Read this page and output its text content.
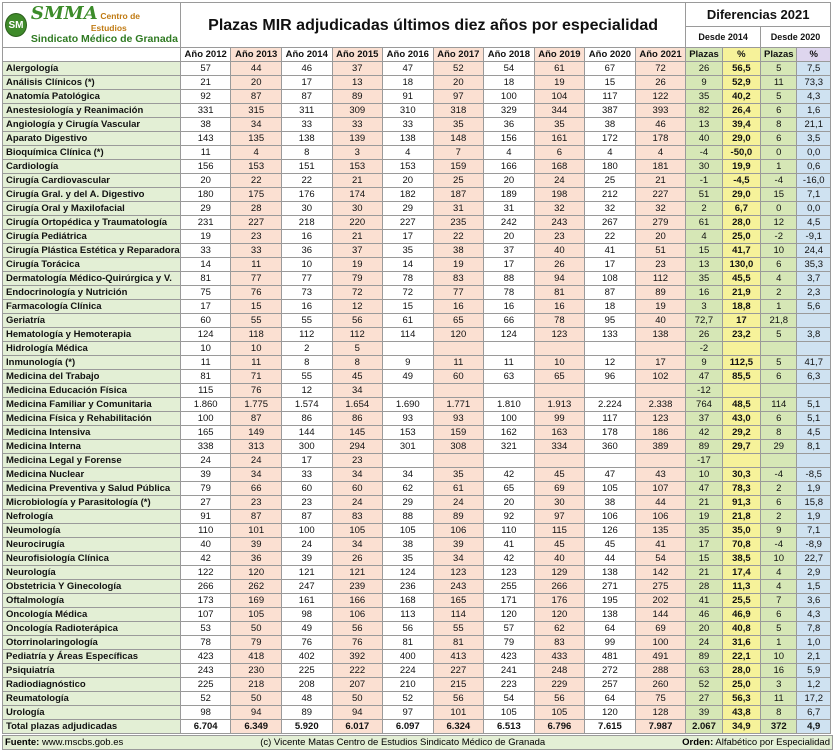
SM
SMMA Centro de
Estudios
Sindicato Médico de Granada	Plazas MIR adjudicadas últimos diez años por especialidad										Diferencias 2021			
											Desde 2014		Desde 2020	
	Año 2012	Año 2013	Año 2014	Año 2015	Año 2016	Año 2017	Año 2018	Año 2019	Año 2020	Año 2021	Plazas	%	Plazas	%
Alergología	57	44	46	37	47	52	54	61	67	72	26	56,5	5	7,5
Análisis Clínicos (*)	21	20	17	13	18	20	18	19	15	26	9	52,9	11	73,3
Anatomía Patológica	92	87	87	89	91	97	100	104	117	122	35	40,2	5	4,3
Anestesiología y Reanimación	331	315	311	309	310	318	329	344	387	393	82	26,4	6	1,6
Angiología y Cirugía Vascular	38	34	33	33	33	35	36	35	38	46	13	39,4	8	21,1
Aparato Digestivo	143	135	138	139	138	148	156	161	172	178	40	29,0	6	3,5
Bioquímica Clínica (*)	11	4	8	3	4	7	4	6	4	4	-4	-50,0	0	0,0
Cardiología	156	153	151	153	153	159	166	168	180	181	30	19,9	1	0,6
Cirugía Cardiovascular	20	22	22	21	20	25	20	24	25	21	-1	-4,5	-4	-16,0
Cirugía Gral. y del A. Digestivo	180	175	176	174	182	187	189	198	212	227	51	29,0	15	7,1
Cirugía Oral y Maxilofacial	29	28	30	30	29	31	31	32	32	32	2	6,7	0	0,0
Cirugía Ortopédica y Traumatología	231	227	218	220	227	235	242	243	267	279	61	28,0	12	4,5
Cirugía Pediátrica	19	23	16	21	17	22	20	23	22	20	4	25,0	-2	-9,1
Cirugía Plástica Estética y Reparadora	33	33	36	37	35	38	37	40	41	51	15	41,7	10	24,4
Cirugía Torácica	14	11	10	19	14	19	17	26	17	23	13	130,0	6	35,3
Dermatología Médico-Quirúrgica y V.	81	77	77	79	78	83	88	94	108	112	35	45,5	4	3,7
Endocrinología y Nutrición	75	76	73	72	72	77	78	81	87	89	16	21,9	2	2,3
Farmacología Clínica	17	15	16	12	15	16	16	16	18	19	3	18,8	1	5,6
Geriatría	60	55	55	56	61	65	66	78	95	40	72,7	17	21,8	
Hematología y Hemoterapia	124	118	112	112	114	120	124	123	133	138	26	23,2	5	3,8
Hidrología Médica	10	10	2	5							-2			
Inmunología (*)	11	11	8	8	9	11	11	10	12	17	9	112,5	5	41,7
Medicina del Trabajo	81	71	55	45	49	60	63	65	96	102	47	85,5	6	6,3
Medicina Educación Física	115	76	12	34							-12			
Medicina Familiar y Comunitaria	1.860	1.775	1.574	1.654	1.690	1.771	1.810	1.913	2.224	2.338	764	48,5	114	5,1
Medicina Física y Rehabilitación	100	87	86	86	93	93	100	99	117	123	37	43,0	6	5,1
Medicina Intensiva	165	149	144	145	153	159	162	163	178	186	42	29,2	8	4,5
Medicina Interna	338	313	300	294	301	308	321	334	360	389	89	29,7	29	8,1
Medicina Legal y Forense	24	24	17	23							-17			
Medicina Nuclear	39	34	33	34	34	35	42	45	47	43	10	30,3	-4	-8,5
Medicina Preventiva y Salud Pública	79	66	60	60	62	61	65	69	105	107	47	78,3	2	1,9
Microbiología y Parasitología (*)	27	23	23	24	29	24	20	30	38	44	21	91,3	6	15,8
Nefrología	91	87	87	83	88	89	92	97	106	106	19	21,8	2	1,9
Neumología	110	101	100	105	105	106	110	115	126	135	35	35,0	9	7,1
Neurocirugía	40	39	24	34	38	39	41	45	45	41	17	70,8	-4	-8,9
Neurofisiología Clínica	42	36	39	26	35	34	42	40	44	54	15	38,5	10	22,7
Neurología	122	120	121	121	124	123	123	129	138	142	21	17,4	4	2,9
Obstetricia Y Ginecología	266	262	247	239	236	243	255	266	271	275	28	11,3	4	1,5
Oftalmología	173	169	161	166	168	165	171	176	195	202	41	25,5	7	3,6
Oncología Médica	107	105	98	106	113	114	120	120	138	144	46	46,9	6	4,3
Oncología Radioterápica	53	50	49	56	56	55	57	62	64	69	20	40,8	5	7,8
Otorrinolaringología	78	79	76	76	81	81	79	83	99	100	24	31,6	1	1,0
Pediatría y Áreas Específicas	423	418	402	392	400	413	423	433	481	491	89	22,1	10	2,1
Psiquiatría	243	230	225	222	224	227	241	248	272	288	63	28,0	16	5,9
Radiodiagnóstico	225	218	208	207	210	215	223	229	257	260	52	25,0	3	1,2
Reumatología	52	50	48	50	52	56	54	56	64	75	27	56,3	11	17,2
Urología	98	94	89	94	97	101	105	105	120	128	39	43,8	8	6,7
Total plazas adjudicadas	6.704	6.349	5.920	6.017	6.097	6.324	6.513	6.796	7.615	7.987	2.067	34,9	372	4,9
Fuente: www.mscbs.gob.es	(c) Vicente Matas Centro de Estudios Sindicato Médico de Granada	Orden: Alfabético por Especialidad
